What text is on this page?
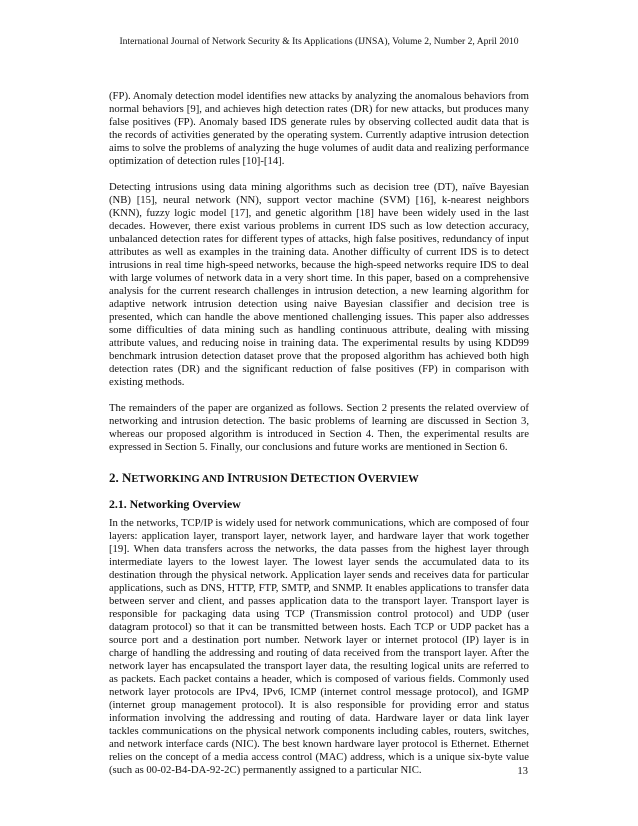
International Journal of Network Security & Its Applications (IJNSA), Volume 2, Number 2, April 2010

(FP). Anomaly detection model identifies new attacks by analyzing the anomalous behaviors from normal behaviors [9], and achieves high detection rates (DR) for new attacks, but produces many false positives (FP). Anomaly based IDS generate rules by observing collected audit data that is the records of activities generated by the operating system. Currently adaptive intrusion detection aims to solve the problems of analyzing the huge volumes of audit data and realizing performance optimization of detection rules [10]-[14].

Detecting intrusions using data mining algorithms such as decision tree (DT), naïve Bayesian (NB) [15], neural network (NN), support vector machine (SVM) [16], k-nearest neighbors (KNN), fuzzy logic model [17], and genetic algorithm [18] have been widely used in the last decades. However, there exist various problems in current IDS such as low detection accuracy, unbalanced detection rates for different types of attacks, high false positives, redundancy of input attributes as well as examples in the training data. Another difficulty of current IDS is to detect intrusions in real time high-speed networks, because the high-speed networks require IDS to deal with large volumes of network data in a very short time. In this paper, based on a comprehensive analysis for the current research challenges in intrusion detection, a new learning algorithm for adaptive network intrusion detection using naive Bayesian classifier and decision tree is presented, which can handle the above mentioned challenging issues. This paper also addresses some difficulties of data mining such as handling continuous attribute, dealing with missing attribute values, and reducing noise in training data. The experimental results by using KDD99 benchmark intrusion detection dataset prove that the proposed algorithm has achieved both high detection rates (DR) and the significant reduction of false positives (FP) in comparison with existing methods.

The remainders of the paper are organized as follows. Section 2 presents the related overview of networking and intrusion detection. The basic problems of learning are discussed in Section 3, whereas our proposed algorithm is introduced in Section 4. Then, the experimental results are expressed in Section 5. Finally, our conclusions and future works are mentioned in Section 6.

2. NETWORKING AND INTRUSION DETECTION OVERVIEW
2.1. Networking Overview

In the networks, TCP/IP is widely used for network communications, which are composed of four layers: application layer, transport layer, network layer, and hardware layer that work together [19]. When data transfers across the networks, the data passes from the highest layer through intermediate layers to the lowest layer. The lowest layer sends the accumulated data to its destination through the physical network. Application layer sends and receives data for particular applications, such as DNS, HTTP, FTP, SMTP, and SNMP. It enables applications to transfer data between server and client, and passes application data to the transport layer. Transport layer is responsible for packaging data using TCP (Transmission control protocol) and UDP (user datagram protocol) so that it can be transmitted between hosts. Each TCP or UDP packet has a source port and a destination port number. Network layer or internet protocol (IP) layer is in charge of handling the addressing and routing of data received from the transport layer. After the network layer has encapsulated the transport layer data, the resulting logical units are referred to as packets. Each packet contains a header, which is composed of various fields. Commonly used network layer protocols are IPv4, IPv6, ICMP (internet control message protocol), and IGMP (internet group management protocol). It is also responsible for providing error and status information involving the addressing and routing of data. Hardware layer or data link layer tackles communications on the physical network components including cables, routers, switches, and network interface cards (NIC). The best known hardware layer protocol is Ethernet. Ethernet relies on the concept of a media access control (MAC) address, which is a unique six-byte value (such as 00-02-B4-DA-92-2C) permanently assigned to a particular NIC.	13
